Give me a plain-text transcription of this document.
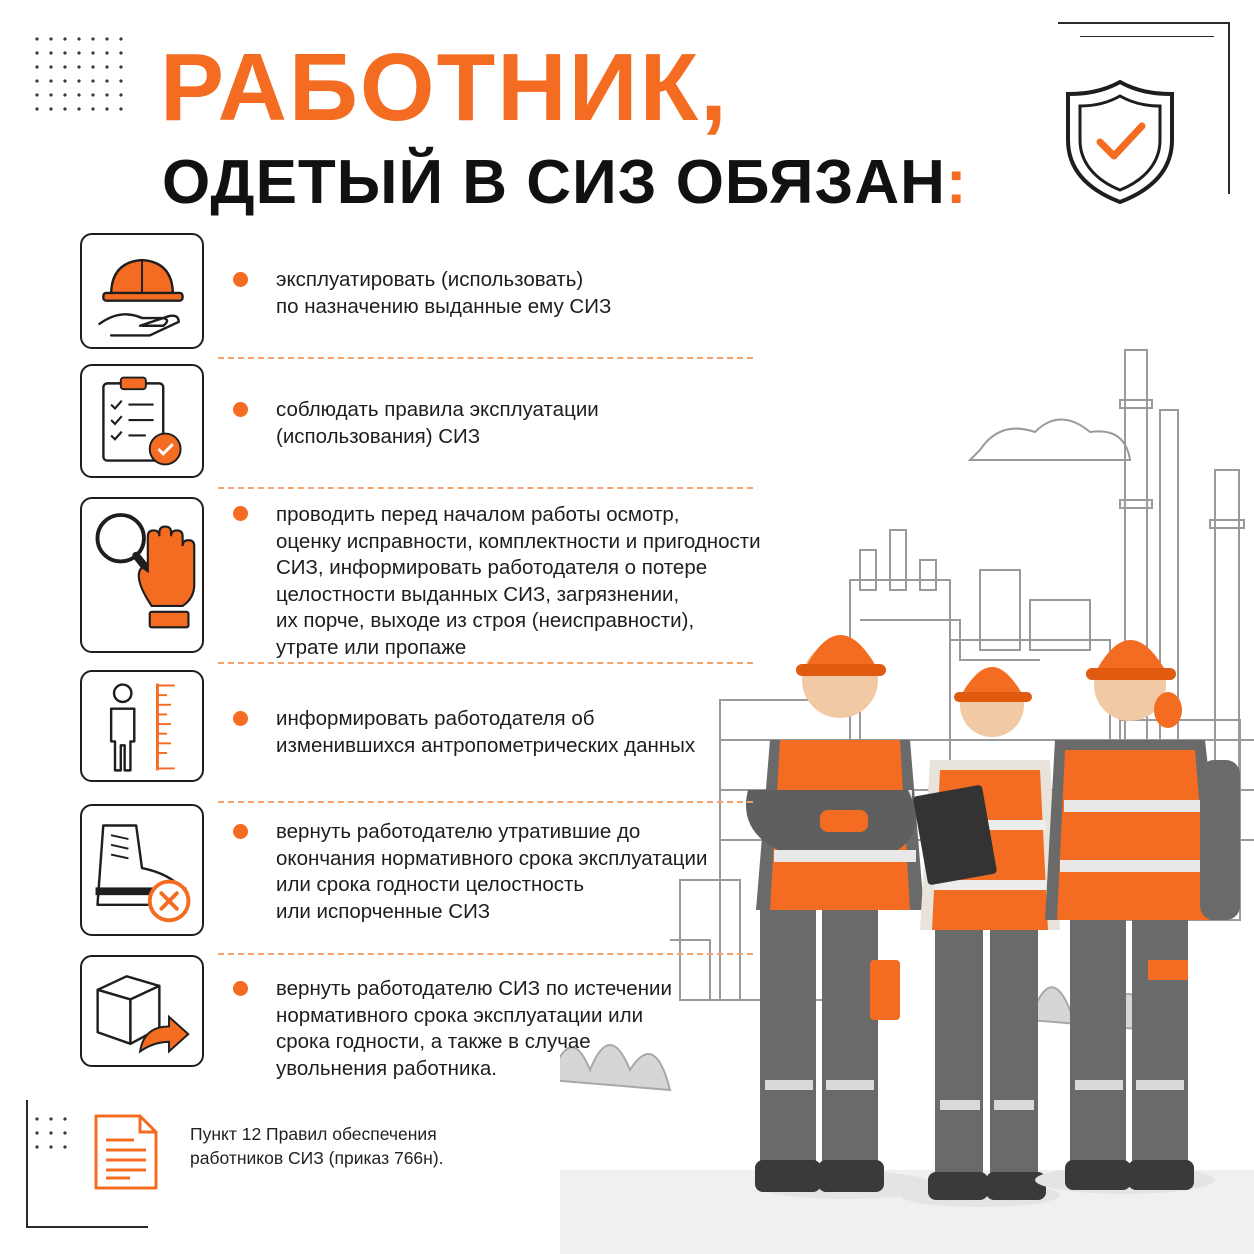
РАБОТНИК,
ОДЕТЫЙ В СИЗ ОБЯЗАН:

эксплуатировать (использовать)
по назначению выданные ему СИЗ

соблюдать правила эксплуатации
(использования) СИЗ

проводить перед началом работы осмотр,
оценку исправности, комплектности и пригодности
СИЗ, информировать работодателя о потере
целостности выданных СИЗ, загрязнении,
их порче, выходе из строя (неисправности),
утрате или пропаже

информировать работодателя об
изменившихся антропометрических данных

вернуть работодателю утратившие до
окончания нормативного срока эксплуатации
или срока годности целостность
или испорченные СИЗ

вернуть работодателю СИЗ по истечении
нормативного срока эксплуатации или
срока годности, а также в случае
увольнения работника.

Пункт 12 Правил обеспечения
работников СИЗ (приказ 766н).
